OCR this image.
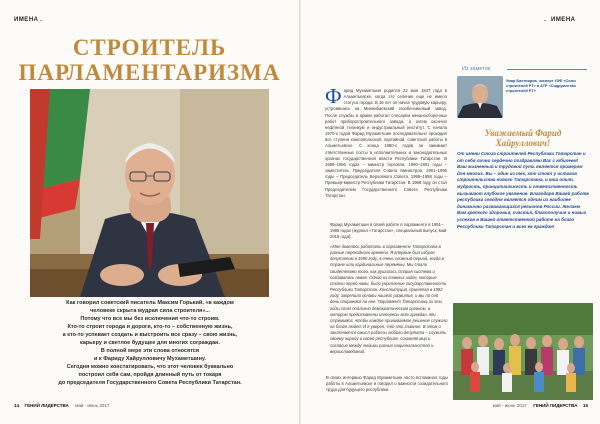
ИМЕНА
СТРОИТЕЛЬ
ПАРЛАМЕНТАРИЗМА
Как говорил советский писатель Максим Горький, «в каждом
человеке скрыта мудрая сила строителя»...
Потому что все мы без исключения что-то строим.
Кто-то строит города и дороги, кто-то – собственную жизнь,
а кто-то успевает создать и выстроить все сразу – свою жизнь,
карьеру и светлое будущее для многих сограждан.
В полной мере эти слова относятся
и к Фариду Хайрулловичу Мухаметшину.
Сегодня можно констатировать, что этот человек буквально
построил себя сам, пройдя длинный путь от токаря
до председателя Государственного Совета Республики Татарстан.
14 ГЕНИЙ ЛИДЕРСТВА май - июнь 2017
ИМЕНА
Ф арид Мухаметшин родился 22 мая 1947 года в Альметьевске, когда это селение еще не имело статуса города. В 16 лет он начал трудовую карьеру, устроившись на Миннибаевский газобензиновый завод. После службы в армии работал слесарем механосборочных работ приборостроительного завода, а затем окончил нефтяной техникум и индустриальный институт. С начала 1970-х годов Фарид Мухаметшин последовательно проходил все ступени комсомольской, партийной, советской работы в Альметьевске. С конца 1980-х годов он занимает ответственные посты в исполнительных и законодательных органах государственной власти Республики Татарстан. В 1989–1990 годах – министр торговли, 1990–1991 годы – заместитель Председателя Совета Министров, 1991–1995 годы – Председатель Верховного Совета, 1995–1998 годы – Премьер-министр Республики Татарстан. В 1998 году он стал Председателем Государственного Совета Республики Татарстан.
Фарид Мухаметшин в своей работе в парламенте в 1991–1995 годах (журнал «Татарстан», специальный выпуск, май 2015 года):
«Мне довелось работать в парламенте Татарстана в разные переходного времени. Я впервые был избран депутатом в 1990 году, в очень сложный период, когда в стране шли кардинальные перемены. Мы стали свидетелями того, как рушилась старая система и создавалась новая. Одной из главных задач, которые стояли перед нами, было укрепление государственности Республики Татарстан. Конституция, принятая в 1992 году, закрепила основы нашего развития, и мы по сей день опираемся на нее. Парламент Татарстана за эти годы стал подлинно демократическим органом, в котором представлены интересы всех граждан. Мы стремимся, чтобы каждое принимаемое решение служило на благо людей. И я уверен, что это главное. В этом и заключается смысл работы любого депутата – служить своему народу и своей республике, сохраняя мир и согласие между людьми разных национальностей и вероисповеданий.
В своих интервью Фарид Мухаметшин часто вспоминал годы работы в Альметьевске и говорил о важности созидательного труда для будущего республики.
Из заметок
Умар Бахтияров, эксперт УЗФ «Союз строителей РТ» и АТР «Содружество строителей РТ»
Уважаемый Фарид Хайруллович!
От имени Союза строителей Республики Татарстан и от себя лично сердечно поздравляю Вас с юбилеем! Ваш жизненный и трудовой путь является примером для многих. Вы – один из тех, кто стоял у истоков строительства нового Татарстана, и ваш опыт, мудрость, принципиальность и ответственность вызывают глубокое уважение. Благодаря Вашей работе республика сегодня является одним из наиболее динамично развивающихся регионов России. Желаем Вам крепкого здоровья, счастья, благополучия и новых успехов в Вашей ответственной работе на благо Республики Татарстан и всех ее граждан!
май - июнь 2017 ГЕНИЙ ЛИДЕРСТВА 15
